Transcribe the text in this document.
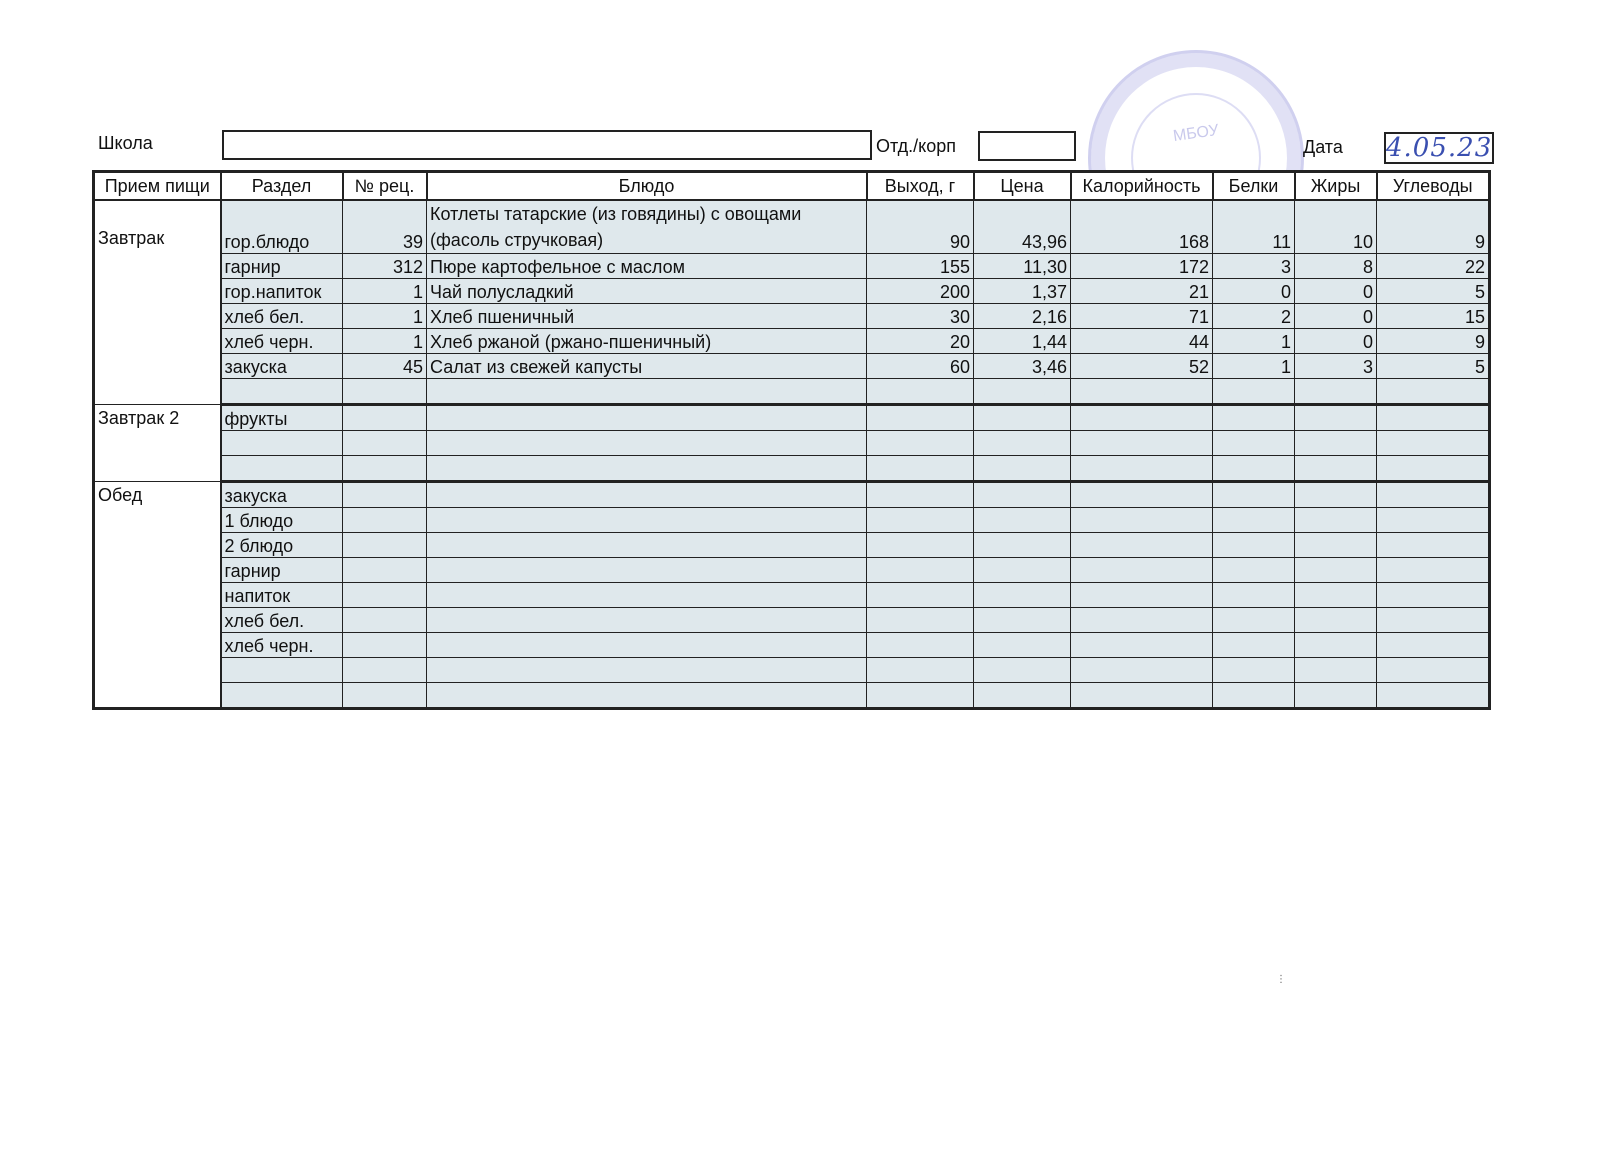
Школа	Отд./корп
МБОУ
Дата 4.05.23
Прием пищи	Раздел	№ рец.	Блюдо	Выход, г	Цена	Калорийность	Белки	Жиры	Углеводы
Завтрак	гор.блюдо	39	Котлеты татарские (из говядины) с овощами (фасоль стручковая)	90	43,96	168	11	10	9
	гарнир	312	Пюре картофельное с маслом	155	11,30	172	3	8	22
	гор.напиток	1	Чай полусладкий	200	1,37	21	0	0	5
	хлеб бел.	1	Хлеб пшеничный	30	2,16	71	2	0	15
	хлеб черн.	1	Хлеб ржаной (ржано-пшеничный)	20	1,44	44	1	0	9
	закуска	45	Салат из свежей капусты	60	3,46	52	1	3	5

Завтрак 2	фрукты								

Обед	закуска								
	1 блюдо								
	2 блюдо								
	гарнир								
	напиток								
	хлеб бел.								
	хлеб черн.								

⋮
